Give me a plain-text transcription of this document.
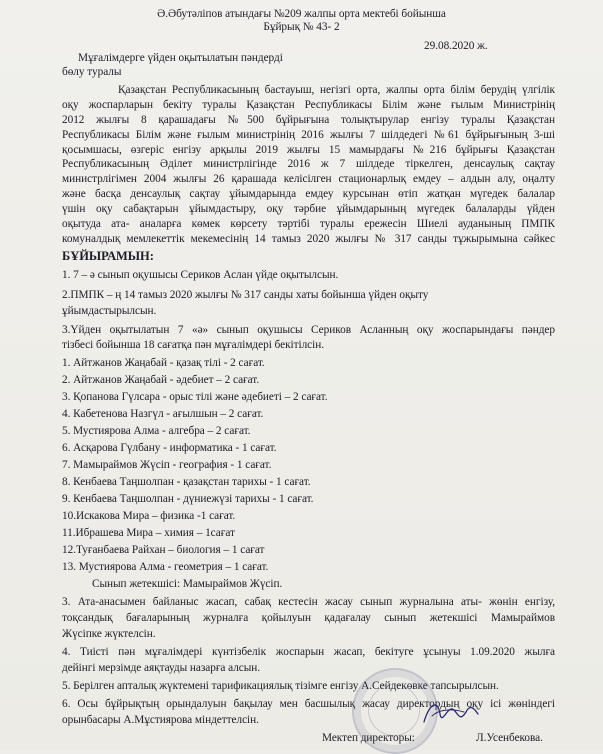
Ә.Әбутәліпов атындағы №209 жалпы орта мектебі бойынша
Бұйрық № 43- 2
29.08.2020 ж.
Мұғалімдерге үйден оқытылатын пәндерді
бөлу туралы
Қазақстан Республикасының бастауыш, негізгі орта, жалпы орта білім берудің үлгілік
оқу жоспарларын бекіту туралы Қазақстан Республикасы Білім және ғылым Министрінің
2012 жылғы 8 қарашадағы №500 бұйрығына толықтырулар енгізу туралы Қазақстан
Республикасы Білім және ғылым министрінің 2016 жылғы 7 шілдедегі №61 бұйрығының 3-ші
қосымшасы, өзгеріс енгізу арқылы 2019 жылғы 15 мамырдағы №216 бұйрығы Қазақстан
Республикасының Әділет министрлігінде 2016 ж 7 шілдеде тіркелген, денсаулық сақтау
министрлігімен 2004 жылғы 26 қарашада келісілген стационарлық емдеу – алдын алу, оңалту
және басқа денсаулық сақтау ұйымдарында емдеу курсынан өтіп жатқан мүгедек балалар
үшін оқу сабақтарын ұйымдастыру, оқу тәрбие ұйымдарының мүгедек балаларды үйден
оқытуда ата- аналарға көмек көрсету тәртібі туралы ережесін Шиелі ауданының ПМПК
комуналдық мемлекеттік мекемесінің 14 тамыз 2020 жылғы № 317 санды тұжырымына сәйкес
БҰЙЫРАМЫН:
1. 7 – ә сынып оқушысы Сериков Аслан үйде оқытылсын.
2.ПМПК – ң 14 тамыз 2020 жылғы № 317 санды хаты бойынша үйден оқыту
ұйымдастырылсын.
3.Үйден оқытылатын 7 «ә» сынып оқушысы Сериков Асланның оқу жоспарындағы пәндер
тізбесі бойынша 18 сағатқа пән мұғалімдері бекітілсін.
1. Айтжанов Жаңабай - қазақ тілі - 2 сағат.
2. Айтжанов Жаңабай - әдебиет – 2 сағат.
3. Қопанова Гүлсара - орыс тілі және әдебиеті – 2 сағат.
4. Кабетенова Назгүл - ағылшын – 2 сағат.
5. Мустиярова Алма - алгебра – 2 сағат.
6. Асқарова Гүлбану - информатика - 1 сағат.
7. Мамыраймов Жүсіп - география - 1 сағат.
8. Кенбаева Таңшолпан - қазақстан тарихы - 1 сағат.
9. Кенбаева Таңшолпан - дүниежүзі тарихы - 1 сағат.
10.Искакова Мира – физика -1 сағат.
11.Ибрашева Мира – химия – 1сағат
12.Туғанбаева Райхан – биология – 1 сағат
13. Мустиярова Алма - геометрия – 1 сағат.
Сынып жетекшісі: Мамыраймов Жүсіп.
3. Ата-анасымен байланыс жасап, сабақ кестесін жасау сынып журналына аты- жөнін енгізу,
тоқсандық бағаларының журналға қойылуын қадағалау сынып жетекшісі Мамыраймов
Жүсіпке жүктелсін.
4. Тиісті пән мұғалімдері күнтізбелік жоспарын жасап, бекітуге ұсынуы 1.09.2020 жылға
дейінгі мерзімде аяқтауды назарға алсын.
5. Берілген апталық жүктемені тарификациялық тізімге енгізу А.Сейдекөвке тапсырылсын.
6. Осы бұйрықтың орындалуын бақылау мен басшылық жасау директордың оқу ісі жөніндегі
орынбасары А.Мұстиярова міндеттелсін.
Мектеп директоры:	Л.Усенбекова.
